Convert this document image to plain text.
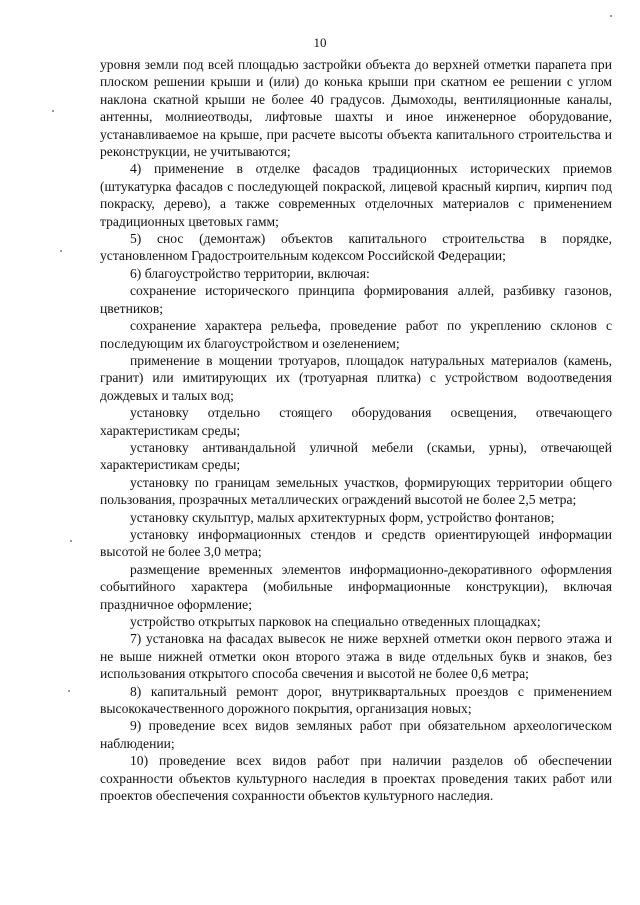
10

уровня земли под всей площадью застройки объекта до верхней отметки парапета при плоском решении крыши и (или) до конька крыши при скатном ее решении с углом наклона скатной крыши не более 40 градусов. Дымоходы, вентиляционные каналы, антенны, молниеотводы, лифтовые шахты и иное инженерное оборудование, устанавливаемое на крыше, при расчете высоты объекта капитального строительства и реконструкции, не учитываются;

4) применение в отделке фасадов традиционных исторических приемов (штукатурка фасадов с последующей покраской, лицевой красный кирпич, кирпич под покраску, дерево), а также современных отделочных материалов с применением традиционных цветовых гамм;

5) снос (демонтаж) объектов капитального строительства в порядке, установленном Градостроительным кодексом Российской Федерации;

6) благоустройство территории, включая:

сохранение исторического принципа формирования аллей, разбивку газонов, цветников;

сохранение характера рельефа, проведение работ по укреплению склонов с последующим их благоустройством и озеленением;

применение в мощении тротуаров, площадок натуральных материалов (камень, гранит) или имитирующих их (тротуарная плитка) с устройством водоотведения дождевых и талых вод;

установку отдельно стоящего оборудования освещения, отвечающего характеристикам среды;

установку антивандальной уличной мебели (скамьи, урны), отвечающей характеристикам среды;

установку по границам земельных участков, формирующих территории общего пользования, прозрачных металлических ограждений высотой не более 2,5 метра;

установку скульптур, малых архитектурных форм, устройство фонтанов;

установку информационных стендов и средств ориентирующей информации высотой не более 3,0 метра;

размещение временных элементов информационно-декоративного оформления событийного характера (мобильные информационные конструкции), включая праздничное оформление;

устройство открытых парковок на специально отведенных площадках;

7) установка на фасадах вывесок не ниже верхней отметки окон первого этажа и не выше нижней отметки окон второго этажа в виде отдельных букв и знаков, без использования открытого способа свечения и высотой не более 0,6 метра;

8) капитальный ремонт дорог, внутриквартальных проездов с применением высококачественного дорожного покрытия, организация новых;

9) проведение всех видов земляных работ при обязательном археологическом наблюдении;

10) проведение всех видов работ при наличии разделов об обеспечении сохранности объектов культурного наследия в проектах проведения таких работ или проектов обеспечения сохранности объектов культурного наследия.
